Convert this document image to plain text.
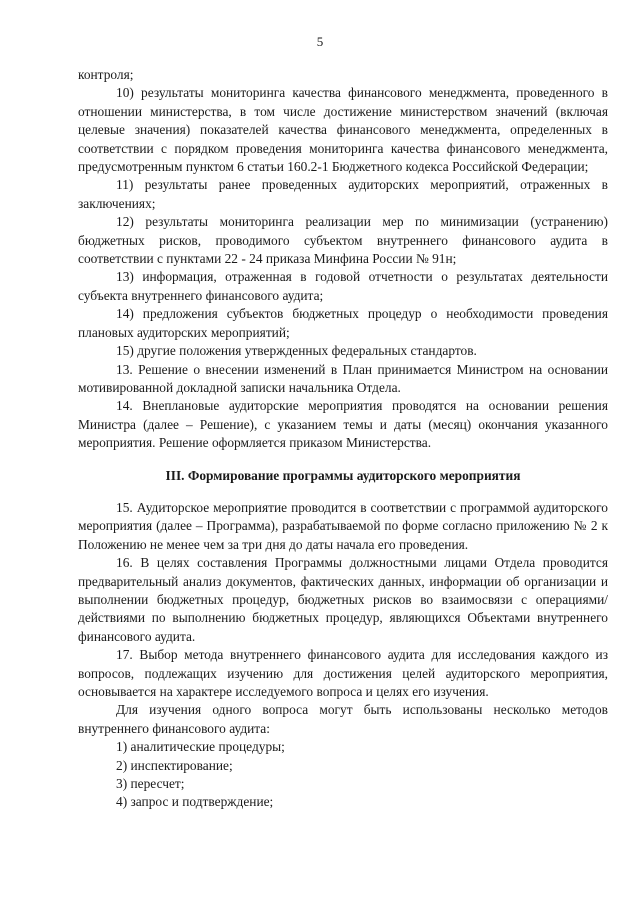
5

контроля;

10) результаты мониторинга качества финансового менеджмента, проведенного в отношении министерства, в том числе достижение министерством значений (включая целевые значения) показателей качества финансового менеджмента, определенных в соответствии с порядком проведения мониторинга качества финансового менеджмента, предусмотренным пунктом 6 статьи 160.2-1 Бюджетного кодекса Российской Федерации;

11) результаты ранее проведенных аудиторских мероприятий, отраженных в заключениях;

12) результаты мониторинга реализации мер по минимизации (устранению) бюджетных рисков, проводимого субъектом внутреннего финансового аудита в соответствии с пунктами 22 - 24 приказа Минфина России № 91н;

13) информация, отраженная в годовой отчетности о результатах деятельности субъекта внутреннего финансового аудита;

14) предложения субъектов бюджетных процедур о необходимости проведения плановых аудиторских мероприятий;

15) другие положения утвержденных федеральных стандартов.

13. Решение о внесении изменений в План принимается Министром на основании мотивированной докладной записки начальника Отдела.

14. Внеплановые аудиторские мероприятия проводятся на основании решения Министра (далее – Решение), с указанием темы и даты (месяц) окончания указанного мероприятия. Решение оформляется приказом Министерства.

III. Формирование программы аудиторского мероприятия

15. Аудиторское мероприятие проводится в соответствии с программой аудиторского мероприятия (далее – Программа), разрабатываемой по форме согласно приложению № 2 к Положению не менее чем за три дня до даты начала его проведения.

16. В целях составления Программы должностными лицами Отдела проводится предварительный анализ документов, фактических данных, информации об организации и выполнении бюджетных процедур, бюджетных рисков во взаимосвязи с операциями/действиями по выполнению бюджетных процедур, являющихся Объектами внутреннего финансового аудита.

17. Выбор метода внутреннего финансового аудита для исследования каждого из вопросов, подлежащих изучению для достижения целей аудиторского мероприятия, основывается на характере исследуемого вопроса и целях его изучения.

Для изучения одного вопроса могут быть использованы несколько методов внутреннего финансового аудита:

1) аналитические процедуры;

2) инспектирование;

3) пересчет;

4) запрос и подтверждение;
